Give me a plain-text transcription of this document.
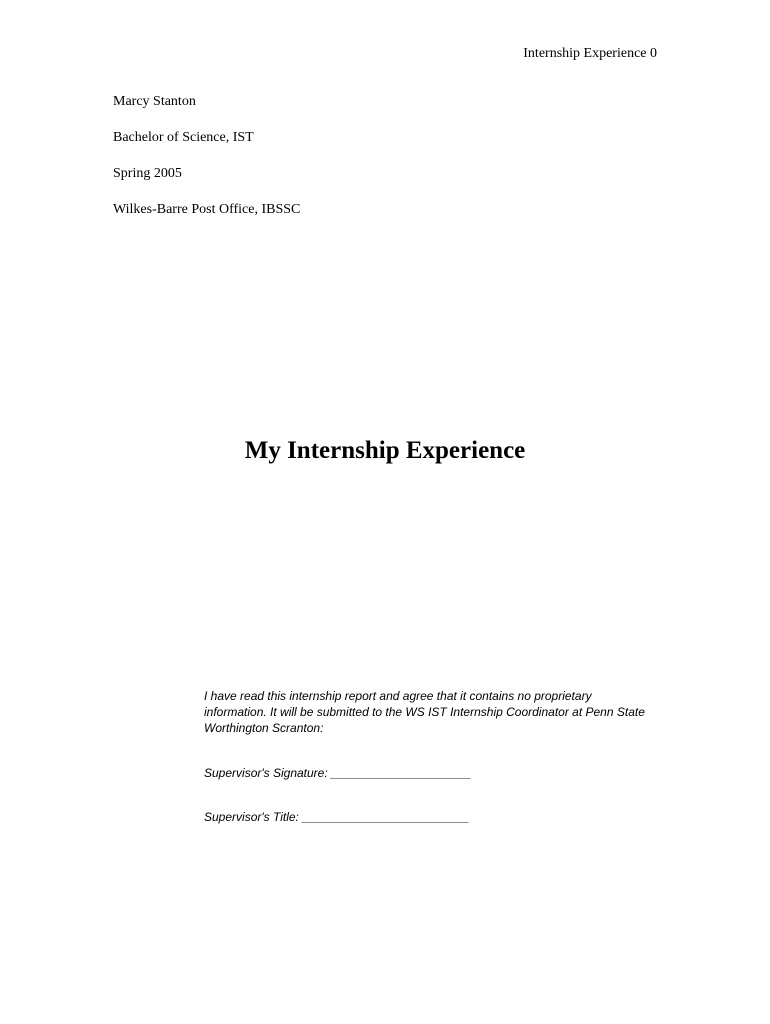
Internship Experience 0
Marcy Stanton
Bachelor of Science, IST
Spring 2005
Wilkes-Barre Post Office, IBSSC
My Internship Experience

I have read this internship report and agree that it contains no proprietary information. It will be submitted to the WS IST Internship Coordinator at Penn State Worthington Scranton:

Supervisor's Signature: _____________________
Supervisor's Title: _________________________
